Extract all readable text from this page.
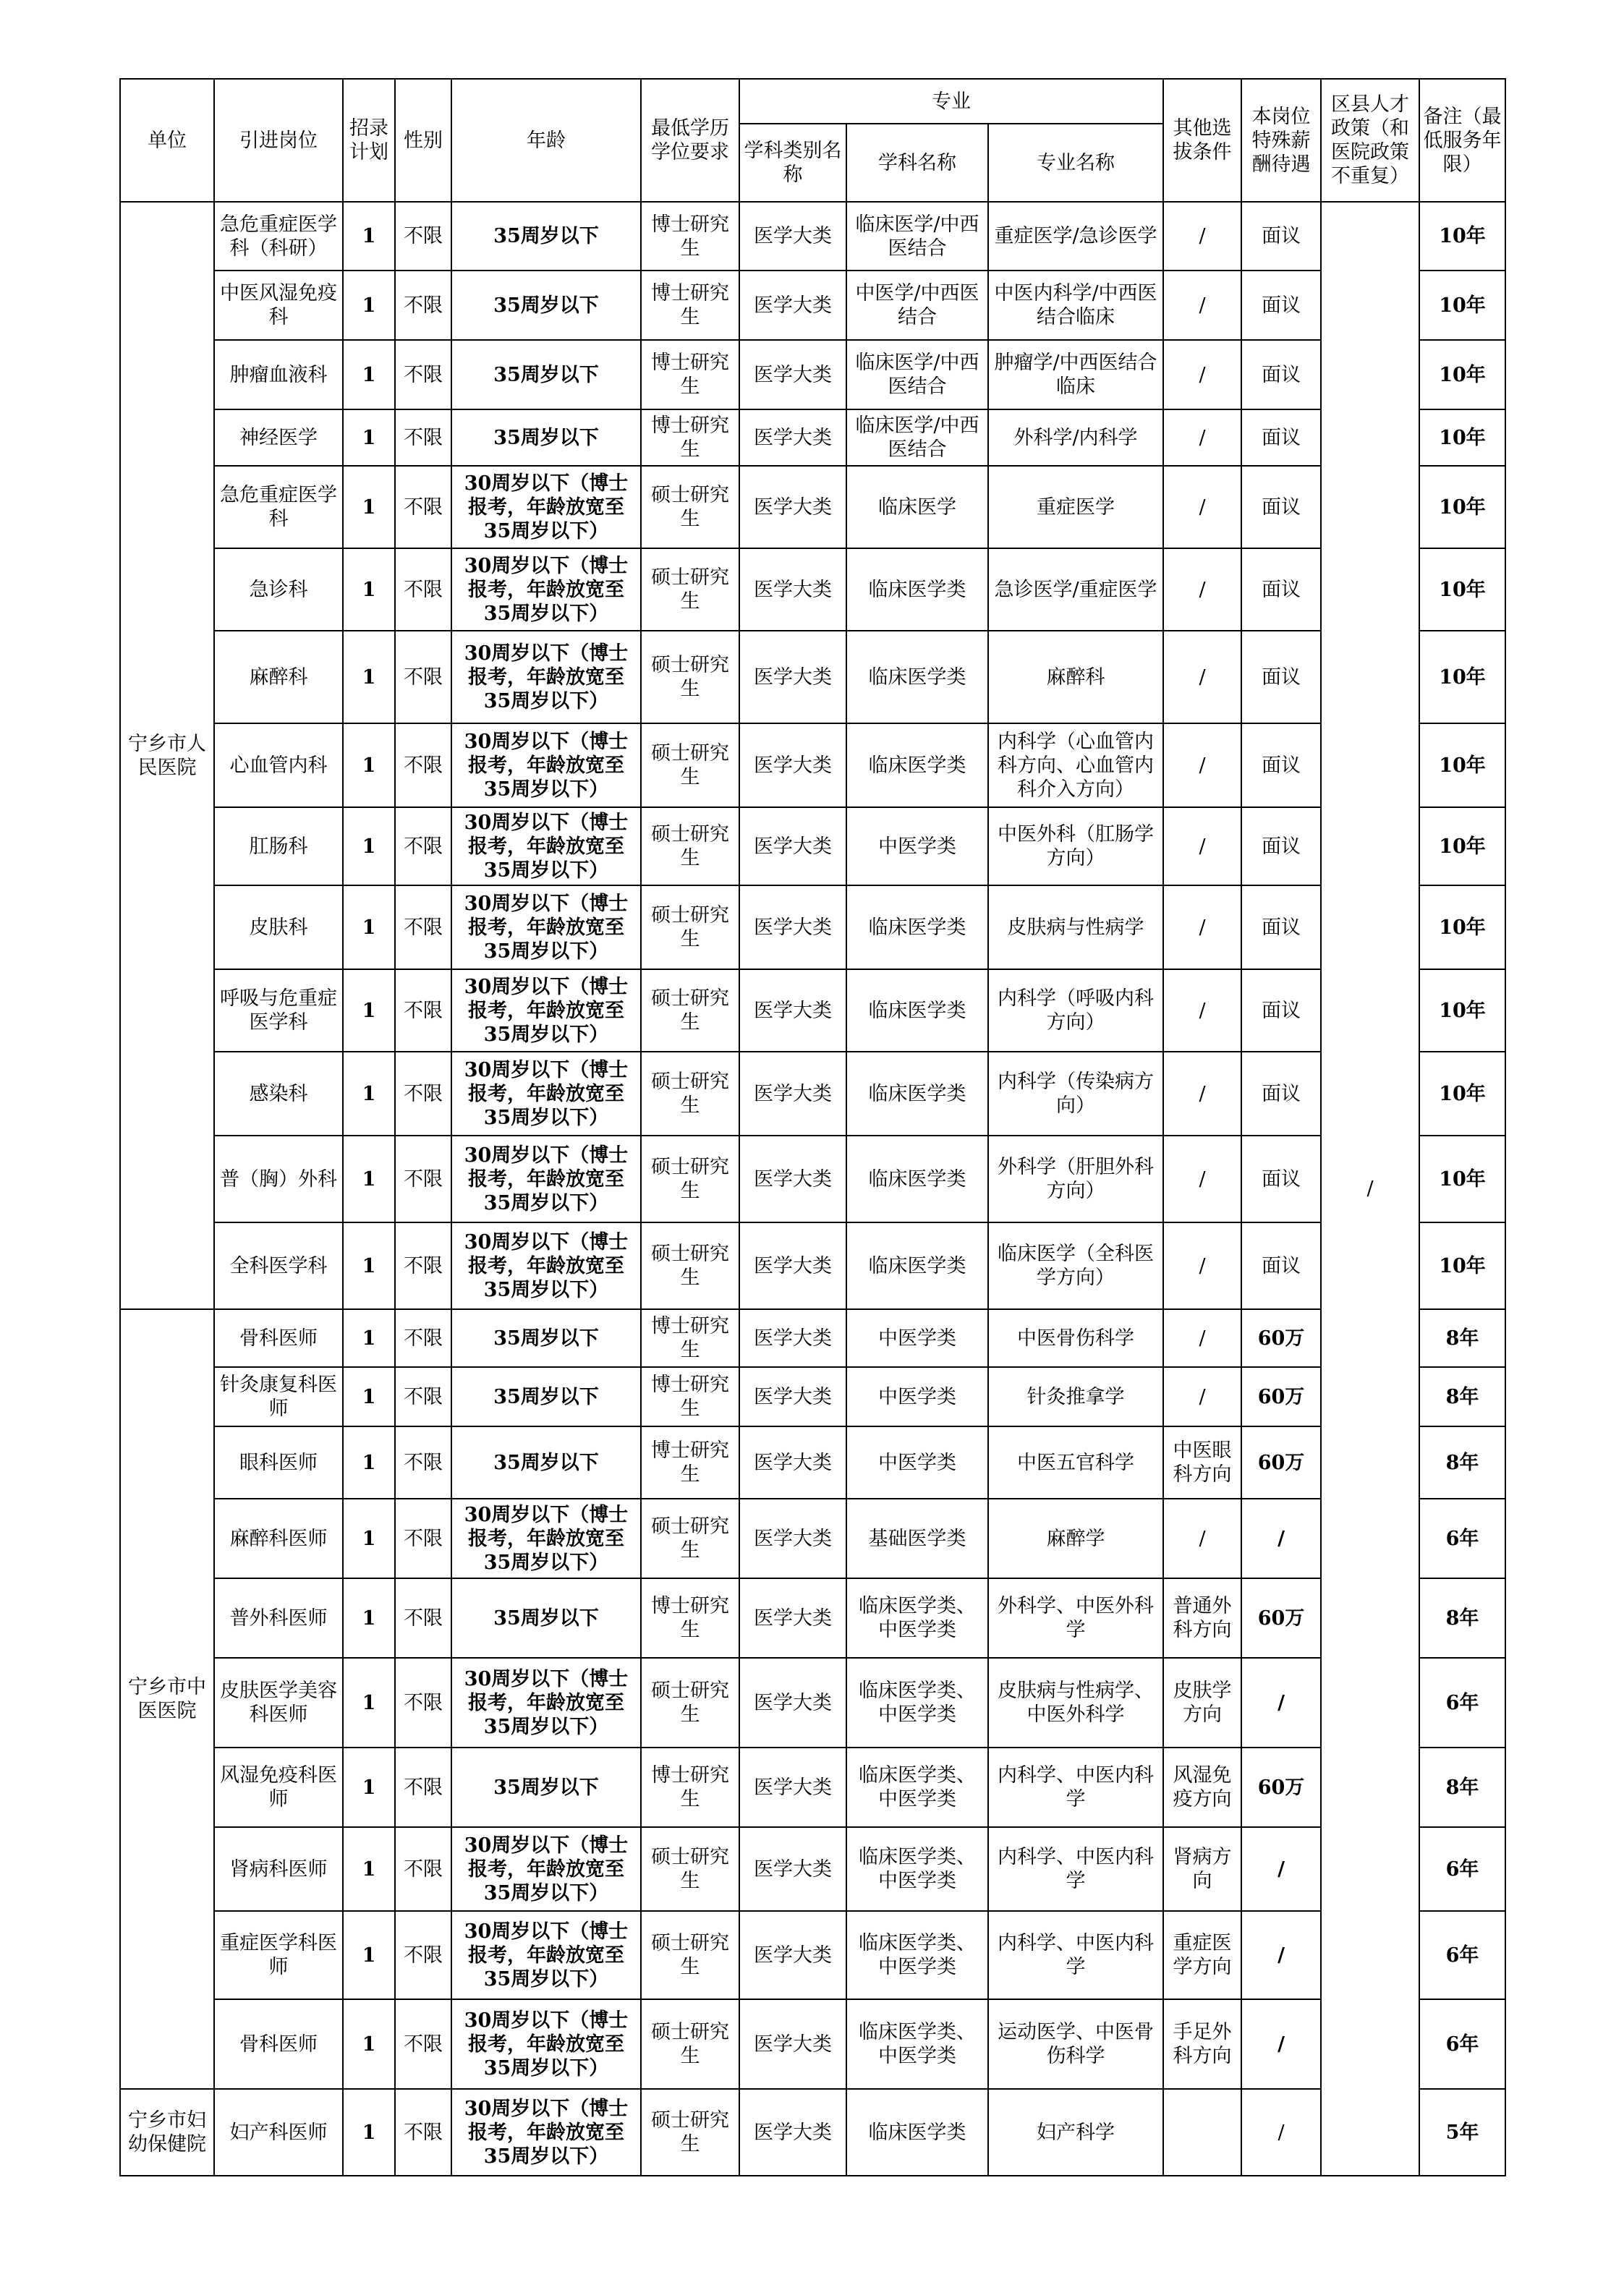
单位	引进岗位	招录计划	性别	年龄	最低学历学位要求	专业			其他选拔条件	本岗位特殊薪酬待遇	区县人才政策（和医院政策不重复）	备注（最低服务年限）
						学科类别名称	学科名称	专业名称				
宁乡市人民医院	急危重症医学科（科研）	1	不限	35周岁以下	博士研究生	医学大类	临床医学/中西医结合	重症医学/急诊医学	/	面议	/	10年
	中医风湿免疫科	1	不限	35周岁以下	博士研究生	医学大类	中医学/中西医结合	中医内科学/中西医结合临床	/	面议		10年
	肿瘤血液科	1	不限	35周岁以下	博士研究生	医学大类	临床医学/中西医结合	肿瘤学/中西医结合临床	/	面议		10年
	神经医学	1	不限	35周岁以下	博士研究生	医学大类	临床医学/中西医结合	外科学/内科学	/	面议		10年
	急危重症医学科	1	不限	30周岁以下（博士报考，年龄放宽至35周岁以下）	硕士研究生	医学大类	临床医学	重症医学	/	面议		10年
	急诊科	1	不限	30周岁以下（博士报考，年龄放宽至35周岁以下）	硕士研究生	医学大类	临床医学类	急诊医学/重症医学	/	面议		10年
	麻醉科	1	不限	30周岁以下（博士报考，年龄放宽至35周岁以下）	硕士研究生	医学大类	临床医学类	麻醉科	/	面议		10年
	心血管内科	1	不限	30周岁以下（博士报考，年龄放宽至35周岁以下）	硕士研究生	医学大类	临床医学类	内科学（心血管内科方向、心血管内科介入方向）	/	面议		10年
	肛肠科	1	不限	30周岁以下（博士报考，年龄放宽至35周岁以下）	硕士研究生	医学大类	中医学类	中医外科（肛肠学方向）	/	面议		10年
	皮肤科	1	不限	30周岁以下（博士报考，年龄放宽至35周岁以下）	硕士研究生	医学大类	临床医学类	皮肤病与性病学	/	面议		10年
	呼吸与危重症医学科	1	不限	30周岁以下（博士报考，年龄放宽至35周岁以下）	硕士研究生	医学大类	临床医学类	内科学（呼吸内科方向）	/	面议		10年
	感染科	1	不限	30周岁以下（博士报考，年龄放宽至35周岁以下）	硕士研究生	医学大类	临床医学类	内科学（传染病方向）	/	面议		10年
	普（胸）外科	1	不限	30周岁以下（博士报考，年龄放宽至35周岁以下）	硕士研究生	医学大类	临床医学类	外科学（肝胆外科方向）	/	面议		10年
	全科医学科	1	不限	30周岁以下（博士报考，年龄放宽至35周岁以下）	硕士研究生	医学大类	临床医学类	临床医学（全科医学方向）	/	面议		10年
宁乡市中医医院	骨科医师	1	不限	35周岁以下	博士研究生	医学大类	中医学类	中医骨伤科学	/	60万		8年
	针灸康复科医师	1	不限	35周岁以下	博士研究生	医学大类	中医学类	针灸推拿学	/	60万		8年
	眼科医师	1	不限	35周岁以下	博士研究生	医学大类	中医学类	中医五官科学	中医眼科方向	60万		8年
	麻醉科医师	1	不限	30周岁以下（博士报考，年龄放宽至35周岁以下）	硕士研究生	医学大类	基础医学类	麻醉学	/	/		6年
	普外科医师	1	不限	35周岁以下	博士研究生	医学大类	临床医学类、中医学类	外科学、中医外科学	普通外科方向	60万		8年
	皮肤医学美容科医师	1	不限	30周岁以下（博士报考，年龄放宽至35周岁以下）	硕士研究生	医学大类	临床医学类、中医学类	皮肤病与性病学、中医外科学	皮肤学方向	/		6年
	风湿免疫科医师	1	不限	35周岁以下	博士研究生	医学大类	临床医学类、中医学类	内科学、中医内科学	风湿免疫方向	60万		8年
	肾病科医师	1	不限	30周岁以下（博士报考，年龄放宽至35周岁以下）	硕士研究生	医学大类	临床医学类、中医学类	内科学、中医内科学	肾病方向	/		6年
	重症医学科医师	1	不限	30周岁以下（博士报考，年龄放宽至35周岁以下）	硕士研究生	医学大类	临床医学类、中医学类	内科学、中医内科学	重症医学方向	/		6年
	骨科医师	1	不限	30周岁以下（博士报考，年龄放宽至35周岁以下）	硕士研究生	医学大类	临床医学类、中医学类	运动医学、中医骨伤科学	手足外科方向	/		6年
宁乡市妇幼保健院	妇产科医师	1	不限	30周岁以下（博士报考，年龄放宽至35周岁以下）	硕士研究生	医学大类	临床医学类	妇产科学		/		5年
